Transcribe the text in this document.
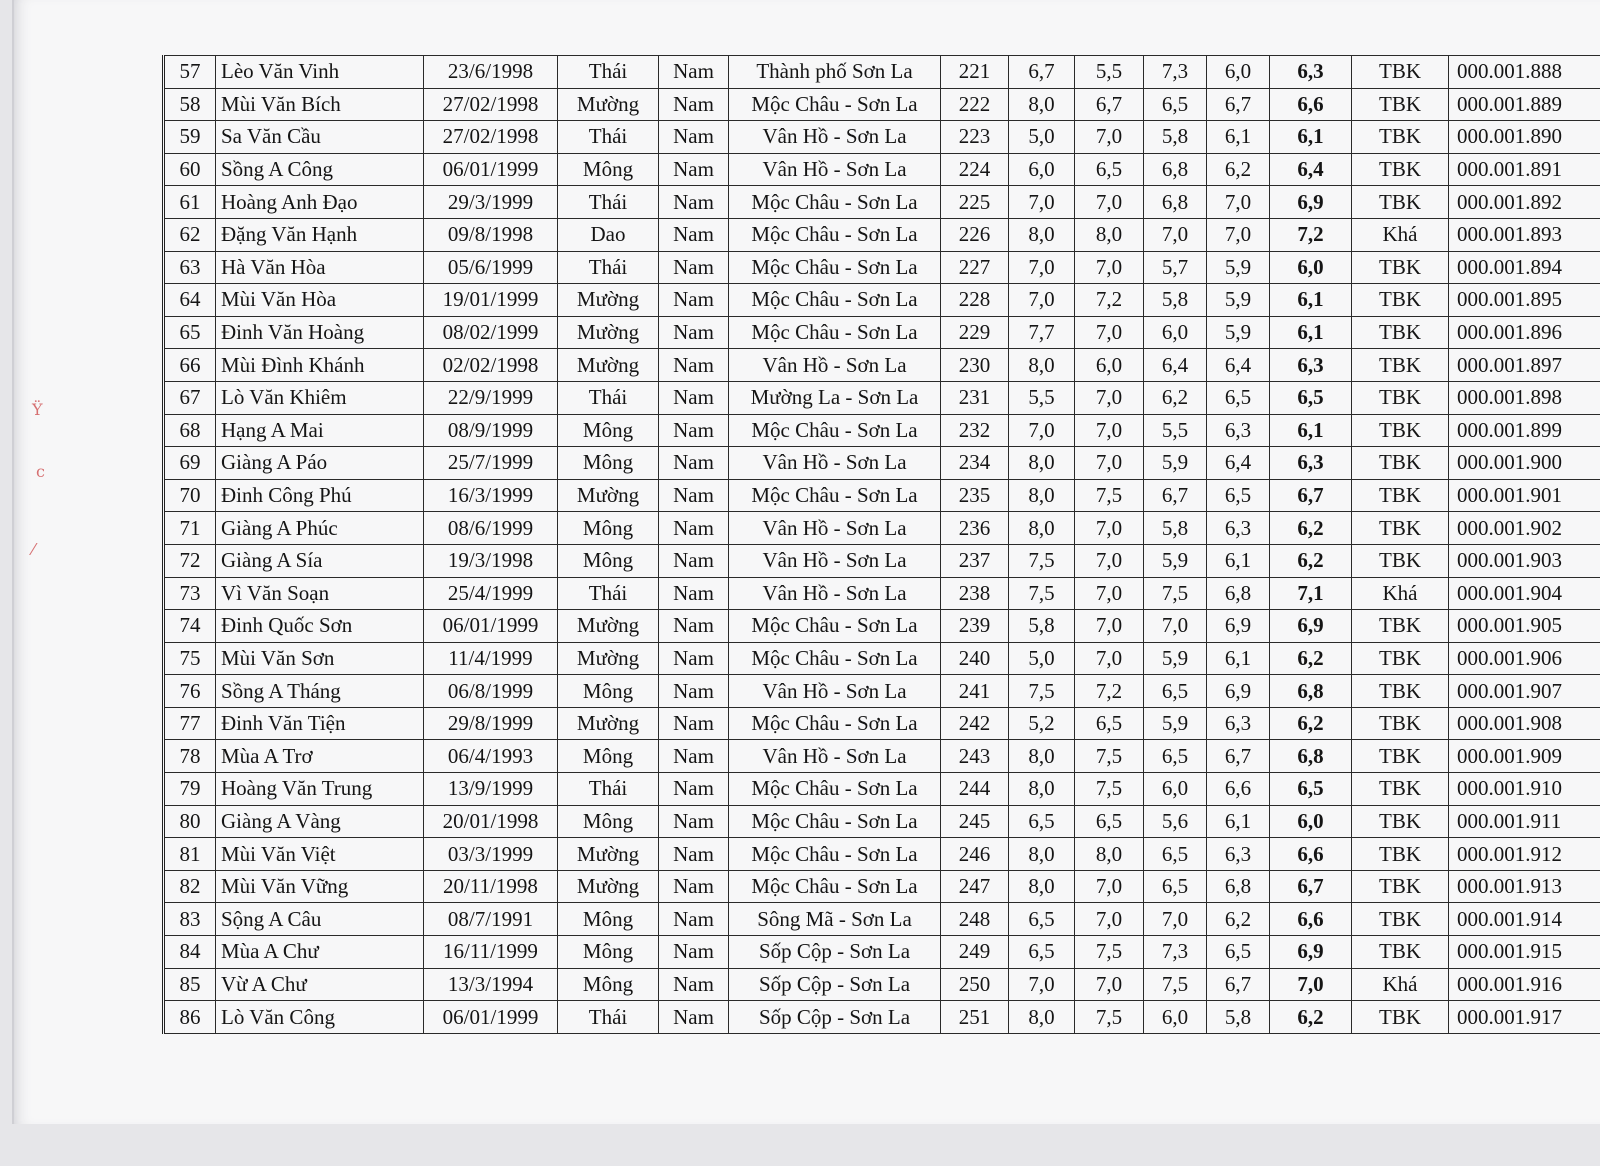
Ÿ
c
⁄
57	Lèo Văn Vinh	23/6/1998	Thái	Nam	Thành phố Sơn La	221	6,7	5,5	7,3	6,0	6,3	TBK	000.001.888
58	Mùi Văn Bích	27/02/1998	Mường	Nam	Mộc Châu - Sơn La	222	8,0	6,7	6,5	6,7	6,6	TBK	000.001.889
59	Sa Văn Cầu	27/02/1998	Thái	Nam	Vân Hồ - Sơn La	223	5,0	7,0	5,8	6,1	6,1	TBK	000.001.890
60	Sồng A Công	06/01/1999	Mông	Nam	Vân Hồ - Sơn La	224	6,0	6,5	6,8	6,2	6,4	TBK	000.001.891
61	Hoàng Anh Đạo	29/3/1999	Thái	Nam	Mộc Châu - Sơn La	225	7,0	7,0	6,8	7,0	6,9	TBK	000.001.892
62	Đặng Văn Hạnh	09/8/1998	Dao	Nam	Mộc Châu - Sơn La	226	8,0	8,0	7,0	7,0	7,2	Khá	000.001.893
63	Hà Văn Hòa	05/6/1999	Thái	Nam	Mộc Châu - Sơn La	227	7,0	7,0	5,7	5,9	6,0	TBK	000.001.894
64	Mùi Văn Hòa	19/01/1999	Mường	Nam	Mộc Châu - Sơn La	228	7,0	7,2	5,8	5,9	6,1	TBK	000.001.895
65	Đinh Văn Hoàng	08/02/1999	Mường	Nam	Mộc Châu - Sơn La	229	7,7	7,0	6,0	5,9	6,1	TBK	000.001.896
66	Mùi Đình Khánh	02/02/1998	Mường	Nam	Vân Hồ - Sơn La	230	8,0	6,0	6,4	6,4	6,3	TBK	000.001.897
67	Lò Văn Khiêm	22/9/1999	Thái	Nam	Mường La - Sơn La	231	5,5	7,0	6,2	6,5	6,5	TBK	000.001.898
68	Hạng A Mai	08/9/1999	Mông	Nam	Mộc Châu - Sơn La	232	7,0	7,0	5,5	6,3	6,1	TBK	000.001.899
69	Giàng A Páo	25/7/1999	Mông	Nam	Vân Hồ - Sơn La	234	8,0	7,0	5,9	6,4	6,3	TBK	000.001.900
70	Đinh Công Phú	16/3/1999	Mường	Nam	Mộc Châu - Sơn La	235	8,0	7,5	6,7	6,5	6,7	TBK	000.001.901
71	Giàng A Phúc	08/6/1999	Mông	Nam	Vân Hồ - Sơn La	236	8,0	7,0	5,8	6,3	6,2	TBK	000.001.902
72	Giàng A Sía	19/3/1998	Mông	Nam	Vân Hồ - Sơn La	237	7,5	7,0	5,9	6,1	6,2	TBK	000.001.903
73	Vì Văn Soạn	25/4/1999	Thái	Nam	Vân Hồ - Sơn La	238	7,5	7,0	7,5	6,8	7,1	Khá	000.001.904
74	Đinh Quốc Sơn	06/01/1999	Mường	Nam	Mộc Châu - Sơn La	239	5,8	7,0	7,0	6,9	6,9	TBK	000.001.905
75	Mùi Văn Sơn	11/4/1999	Mường	Nam	Mộc Châu - Sơn La	240	5,0	7,0	5,9	6,1	6,2	TBK	000.001.906
76	Sồng A Tháng	06/8/1999	Mông	Nam	Vân Hồ - Sơn La	241	7,5	7,2	6,5	6,9	6,8	TBK	000.001.907
77	Đinh Văn Tiện	29/8/1999	Mường	Nam	Mộc Châu - Sơn La	242	5,2	6,5	5,9	6,3	6,2	TBK	000.001.908
78	Mùa A Trơ	06/4/1993	Mông	Nam	Vân Hồ - Sơn La	243	8,0	7,5	6,5	6,7	6,8	TBK	000.001.909
79	Hoàng Văn Trung	13/9/1999	Thái	Nam	Mộc Châu - Sơn La	244	8,0	7,5	6,0	6,6	6,5	TBK	000.001.910
80	Giàng A Vàng	20/01/1998	Mông	Nam	Mộc Châu - Sơn La	245	6,5	6,5	5,6	6,1	6,0	TBK	000.001.911
81	Mùi Văn Việt	03/3/1999	Mường	Nam	Mộc Châu - Sơn La	246	8,0	8,0	6,5	6,3	6,6	TBK	000.001.912
82	Mùi Văn Vững	20/11/1998	Mường	Nam	Mộc Châu - Sơn La	247	8,0	7,0	6,5	6,8	6,7	TBK	000.001.913
83	Sộng A Câu	08/7/1991	Mông	Nam	Sông Mã - Sơn La	248	6,5	7,0	7,0	6,2	6,6	TBK	000.001.914
84	Mùa A Chư	16/11/1999	Mông	Nam	Sốp Cộp - Sơn La	249	6,5	7,5	7,3	6,5	6,9	TBK	000.001.915
85	Vừ A Chư	13/3/1994	Mông	Nam	Sốp Cộp - Sơn La	250	7,0	7,0	7,5	6,7	7,0	Khá	000.001.916
86	Lò Văn Công	06/01/1999	Thái	Nam	Sốp Cộp - Sơn La	251	8,0	7,5	6,0	5,8	6,2	TBK	000.001.917
